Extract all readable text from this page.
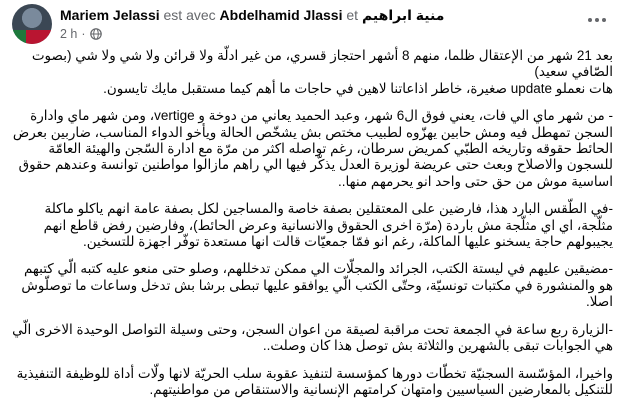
Mariem Jelassi est avec Abdelhamid Jlassi et منية ابراهيم
2 h ·

بعد 21 شهر من الإعتقال ظلما، منهم 8 أشهر احتجاز قسري، من غير ادلّة ولا قرائن ولا شي ولا شي (بصوت الصّافي سعيد)

هات نعملو update صغيرة، خاطر اذاعاتنا لاهين في حاجات ما أهم كيما مستقبل مايك تايسون.

- من شهر ماي الي فات، يعني فوق ال6 شهر، وعبد الحميد يعاني من دوخة و vertige، ومن شهر ماي وادارة السجن تمهطل فيه ومش حابين يهزّوه لطبيب مختص بش يشخّص الحالة ويأخو الدواء المناسب، ضاربين بعرض الحائط حقوقه وتاريخه الطبّي كمريض سرطان، رغم تواصله اكثر من مرّة مع ادارة السّجن والهيئة العامّة للسجون والاصلاح وبعث حتى عريضة لوزيرة العدل يذكّر فيها الي راهم مازالوا مواطنين توانسة وعندهم حقوق اساسية موش من حق حتى واحد انو يحرمهم منها..

-في الطّقس البارد هذا، فارضين على المعتقلين بصفة خاصة والمساجين لكل بصفة عامة انهم ياكلو ماكلة مثلّجة، اي اي مثلّجة مش باردة (مرّة اخرى الحقوق والانسانية وعرض الحائط)، وفارضين رفض قاطع انهم يجيبولهم حاجة يسخنو عليها الماكلة، رغم انو فمّا جمعيّات قالت انها مستعدة توفّر اجهزة للتسخين.

-مضيقين عليهم في ليستة الكتب، الجرائد والمجلّات الي ممكن تدخللهم، وصلو حتى منعو عليه كتبه الّي كتبهم هو والمنشورة في مكتبات تونسيّة، وحتّى الكتب الّي يوافقو عليها تبطى برشا بش تدخل وساعات ما توصلّوش اصلا.

-الزيارة ربع ساعة في الجمعة تحت مراقبة لصيقة من اعوان السجن، وحتى وسيلة التواصل الوحيدة الاخرى الّي هي الجوابات تبقى بالشهرين والثلاثة بش توصل هذا كان وصلت..

واخيرا، المؤسّسة السجنيّة تخطّات دورها كمؤسسة لتنفيذ عقوبة سلب الحريّة لانها ولّات أداة للوظيفة التنفيذية للتنكيل بالمعارضين السياسيين وامتهان كرامتهم الإنسانية والاستنقاص من مواطنيتهم.
